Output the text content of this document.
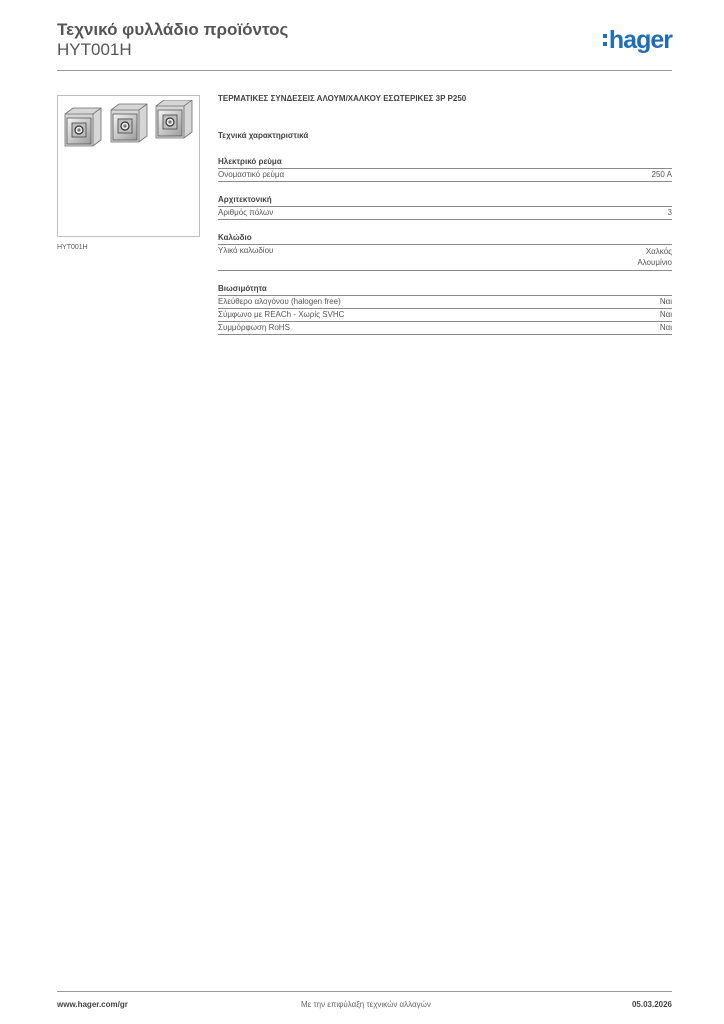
Τεχνικό φυλλάδιο προϊόντος
HYT001H	hager
HYT001H
ΤΕΡΜΑΤΙΚΕΣ ΣΥΝΔΕΣΕΙΣ ΑΛΟΥΜ/ΧΑΛΚΟΥ ΕΣΩΤΕΡΙΚΕΣ 3P P250
Τεχνικά χαρακτηριστικά
Ηλεκτρικό ρεύμα
Ονομαστικό ρεύμα	250 A
Αρχιτεκτονική
Αριθμός πόλων	3
Καλώδιο
Υλικό καλωδίου	Χαλκός
Αλουμίνιο
Βιωσιμότητα
Ελεύθερο αλογόνου (halogen free)	Ναι
Σύμφωνο με REACh - Χωρίς SVHC	Ναι
Συμμόρφωση RoHS	Ναι
www.hager.com/gr	Με την επιφύλαξη τεχνικών αλλαγών	05.03.2026
